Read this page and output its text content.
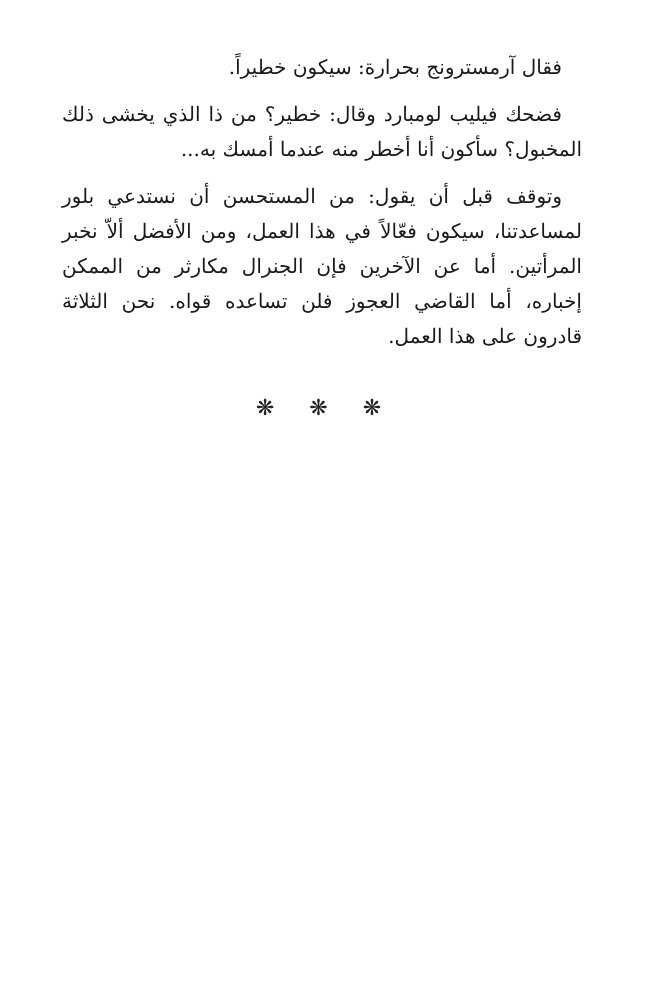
فقال آرمسترونج بحرارة: سيكون خطيراً.

فضحك فيليب لومبارد وقال: خطير؟ من ذا الذي يخشى ذلك المخبول؟ سأكون أنا أخطر منه عندما أمسك به...

وتوقف قبل أن يقول: من المستحسن أن نستدعي بلور لمساعدتنا، سيكون فعّالاً في هذا العمل، ومن الأفضل ألاّ نخبر المرأتين. أما عن الآخرين فإن الجنرال مكارثر من الممكن إخباره، أما القاضي العجوز فلن تساعده قواه. نحن الثلاثة قادرون على هذا العمل.

❋ ❋ ❋
